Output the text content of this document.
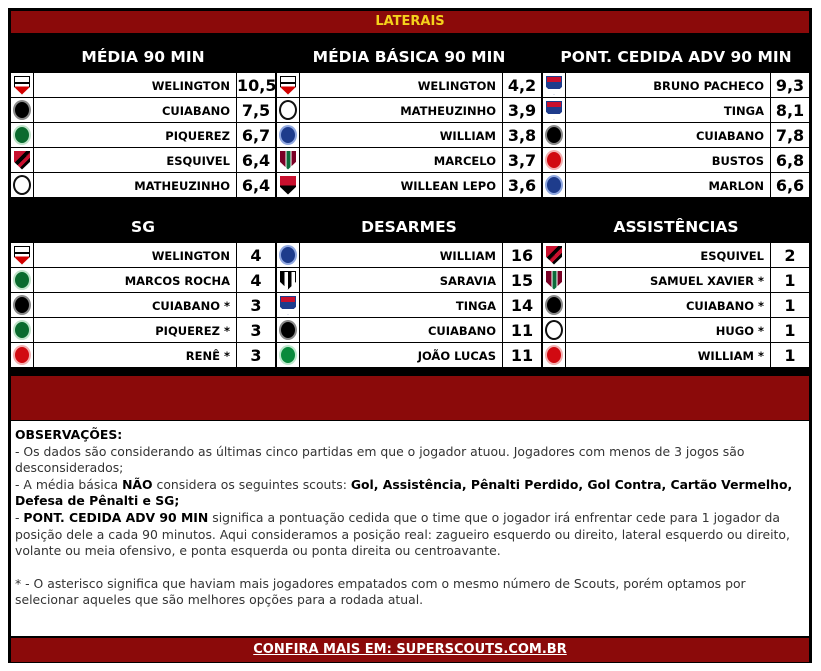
LATERAIS
MÉDIA 90 MIN
WELINGTON 10,5
CUIABANO 7,5
PIQUEREZ 6,7
ESQUIVEL 6,4
MATHEUZINHO 6,4
MÉDIA BÁSICA 90 MIN
WELINGTON 4,2
MATHEUZINHO 3,9
WILLIAM 3,8
MARCELO 3,7
WILLEAN LEPO 3,6
PONT. CEDIDA ADV 90 MIN
BRUNO PACHECO 9,3
TINGA 8,1
CUIABANO 7,8
BUSTOS 6,8
MARLON 6,6
SG
WELINGTON	4
MARCOS ROCHA	4
CUIABANO *	3
PIQUEREZ *	3
RENÊ *	3
DESARMES
WILLIAM 16
SARAVIA 15
TINGA 14
CUIABANO 11
JOÃO LUCAS 11
ASSISTÊNCIAS
ESQUIVEL	2
SAMUEL XAVIER *	1
CUIABANO *	1
HUGO *	1
WILLIAM *	1
OBSERVAÇÕES:
- Os dados são considerando as últimas cinco partidas em que o jogador atuou. Jogadores com menos de 3 jogos são desconsiderados;
- A média básica NÃO considera os seguintes scouts: Gol, Assistência, Pênalti Perdido, Gol Contra, Cartão Vermelho, Defesa de Pênalti e SG;
- PONT. CEDIDA ADV 90 MIN significa a pontuação cedida que o time que o jogador irá enfrentar cede para 1 jogador da posição dele a cada 90 minutos. Aqui consideramos a posição real: zagueiro esquerdo ou direito, lateral esquerdo ou direito, volante ou meia ofensivo, e ponta esquerda ou ponta direita ou centroavante.
* - O asterisco significa que haviam mais jogadores empatados com o mesmo número de Scouts, porém optamos por selecionar aqueles que são melhores opções para a rodada atual.
CONFIRA MAIS EM: SUPERSCOUTS.COM.BR
